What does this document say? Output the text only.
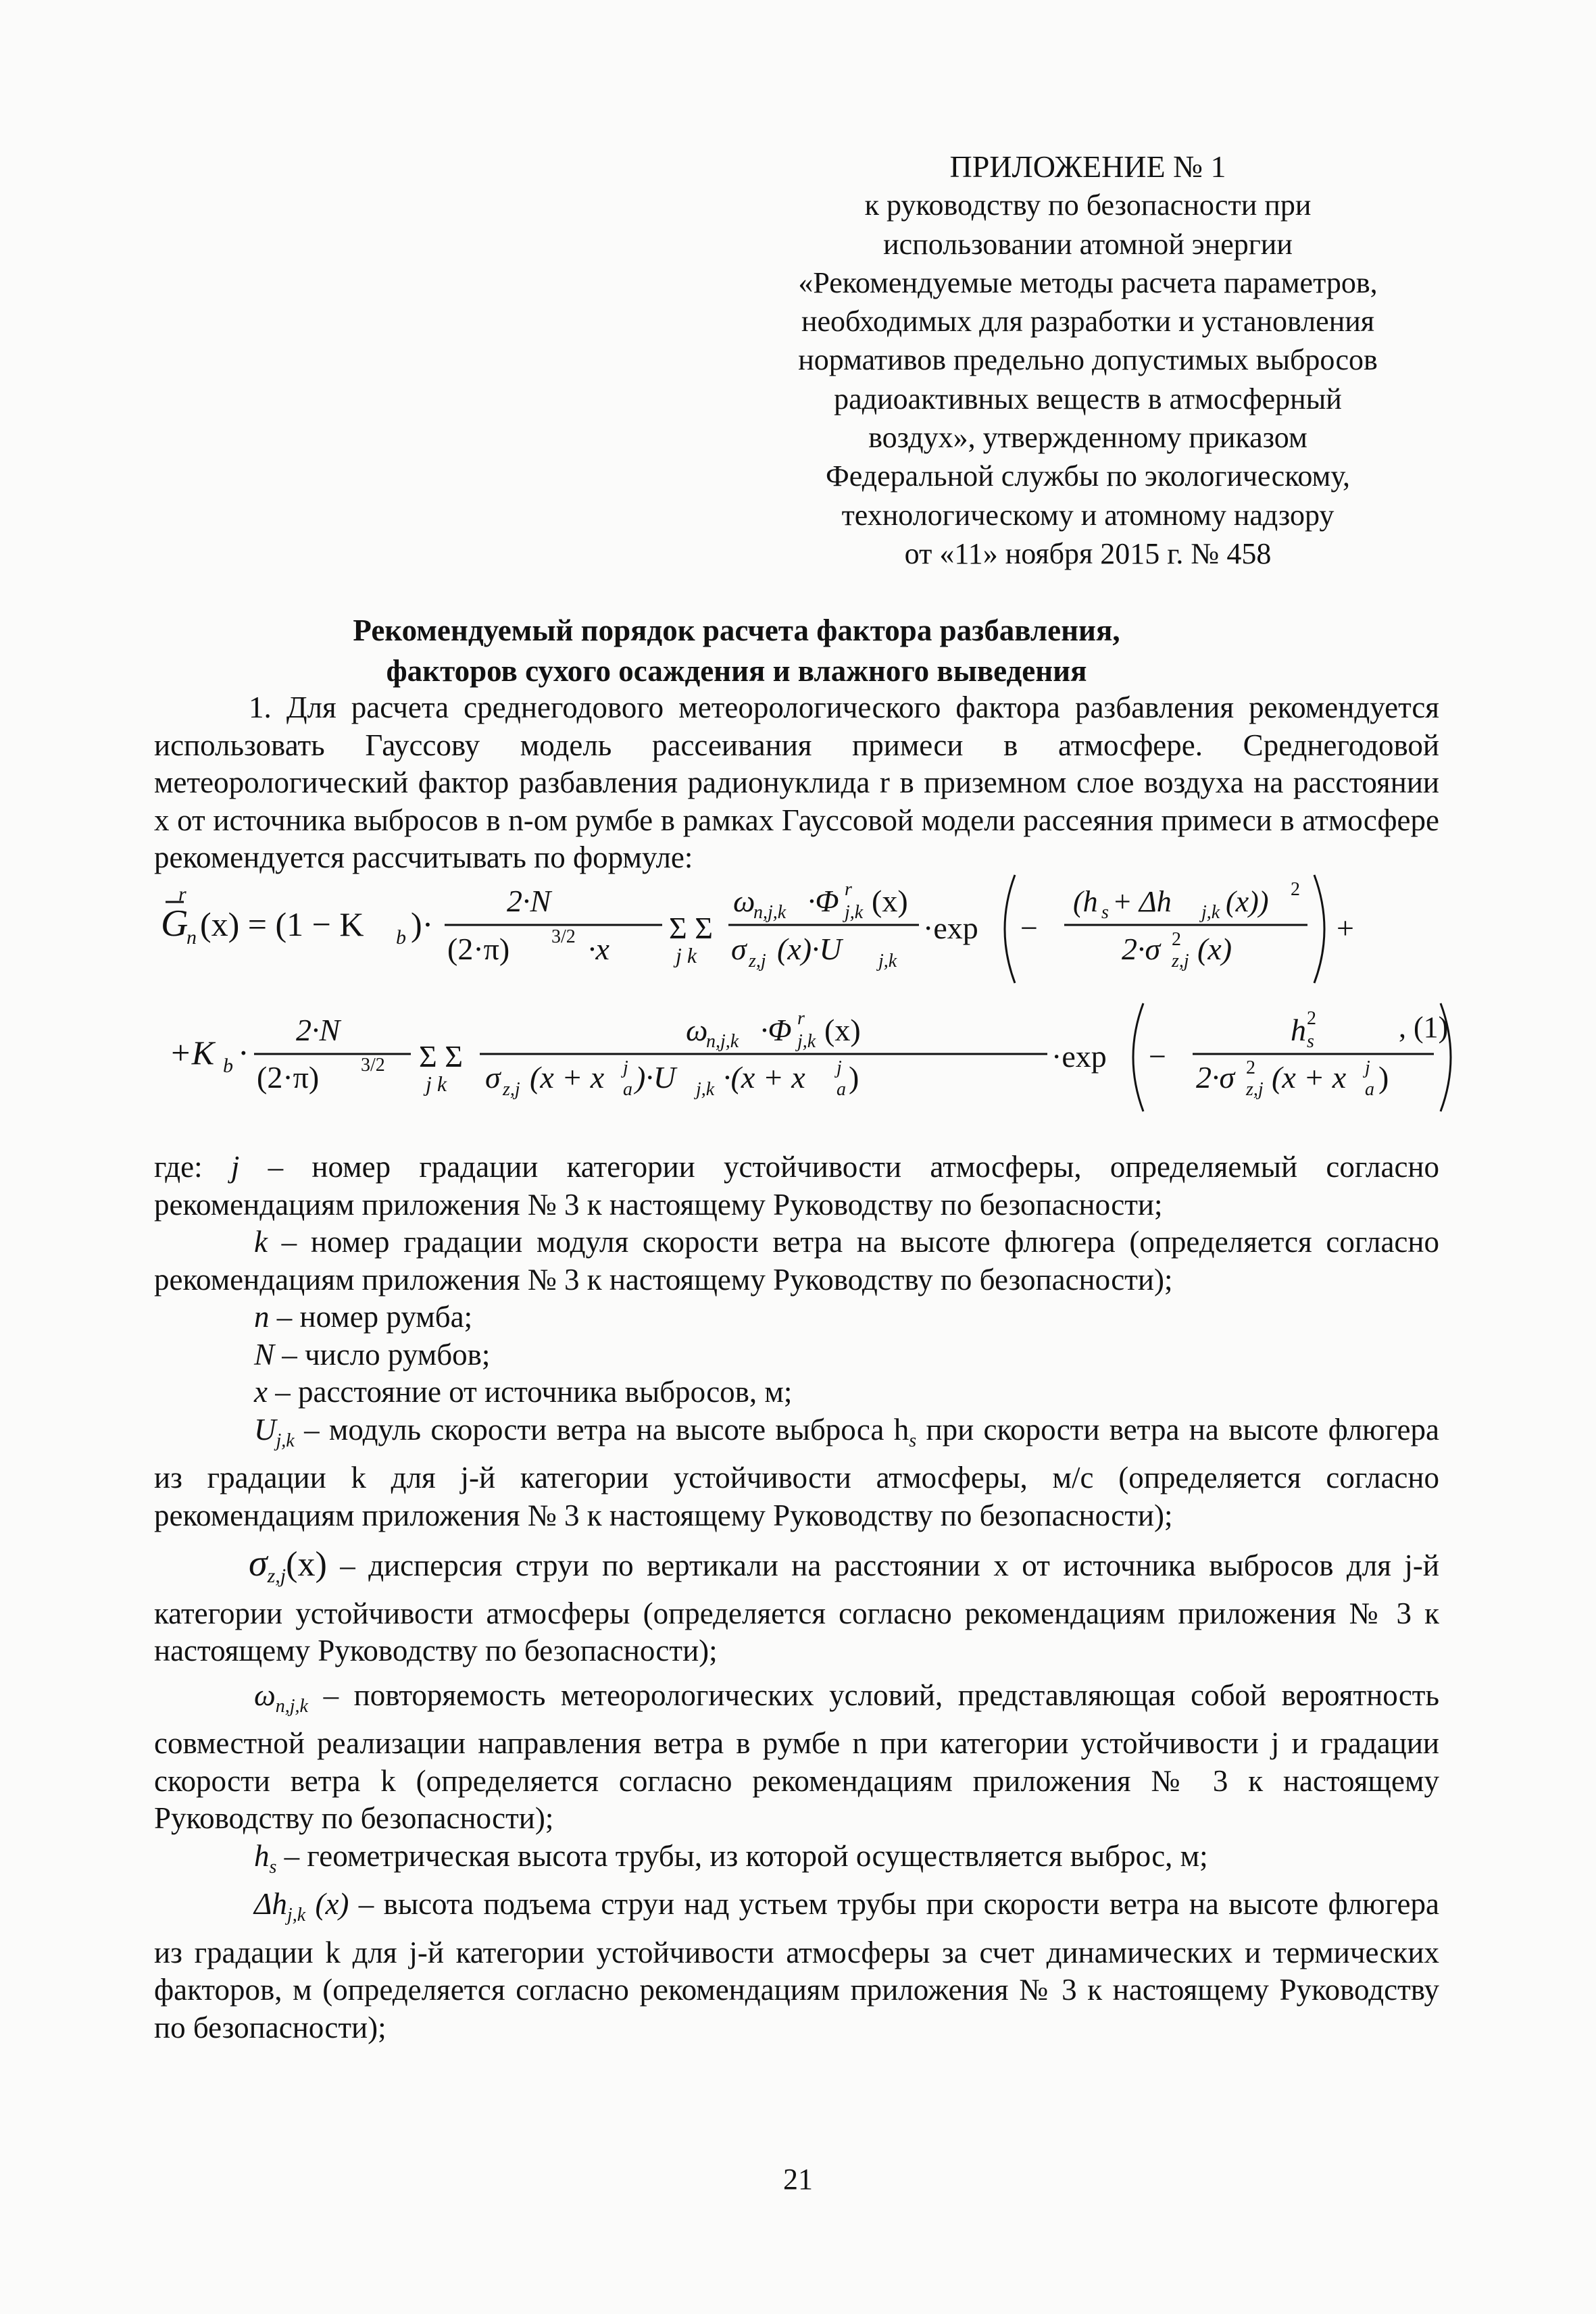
ПРИЛОЖЕНИЕ № 1
к руководству по безопасности при
использовании атомной энергии
«Рекомендуемые методы расчета параметров,
необходимых для разработки и установления
нормативов предельно допустимых выбросов
радиоактивных веществ в атмосферный
воздух», утвержденному приказом
Федеральной службы по экологическому,
технологическому и атомному надзору
от «11» ноября 2015 г. № 458
Рекомендуемый порядок расчета фактора разбавления,
факторов сухого осаждения и влажного выведения

1. Для расчета среднегодового метеорологического фактора разбавления рекомендуется использовать Гауссову модель рассеивания примеси в атмосфере. Среднегодовой метеорологический фактор разбавления радионуклида r в приземном слое воздуха на расстоянии x от источника выбросов в n-ом румбе в рамках Гауссовой модели рассеяния примеси в атмосфере рекомендуется рассчитывать по формуле:

r
G
n (x) = (1 − K b )·
2·N
(2·π) 3/2 ·x
Σ Σ
j k
ω
n,j,k ·Φ r
j,k (x)
σ z,j (x)·U j,k
·exp −
(h s + Δh j,k (x)) 2
2·σ 2
z,j (x)
+
+K b ·
2·N
(2·π) 3/2 Σ Σ
j k
ω
n,j,k ·Φ r
j,k (x)
σ z,j (x + x a
j )·U j,k ·(x + x a
j )
·exp −
h 2
s
2·σ 2
z,j (x + x a
j )
, (1)

где: j – номер градации категории устойчивости атмосферы, определяемый согласно рекомендациям приложения № 3 к настоящему Руководству по безопасности;

k – номер градации модуля скорости ветра на высоте флюгера (определяется согласно рекомендациям приложения № 3 к настоящему Руководству по безопасности);

n – номер румба;

N – число румбов;

x – расстояние от источника выбросов, м;

$U_{j,k}$ – модуль скорости ветра на высоте выброса $h_s$ при скорости ветра на высоте флюгера из градации k для j-й категории устойчивости атмосферы, м/с (определяется согласно рекомендациям приложения № 3 к настоящему Руководству по безопасности);

$\sigma_{z,j}(x)$ – дисперсия струи по вертикали на расстоянии x от источника выбросов для j-й категории устойчивости атмосферы (определяется согласно рекомендациям приложения № 3 к настоящему Руководству по безопасности);

$\omega_{n,j,k}$ – повторяемость метеорологических условий, представляющая собой вероятность совместной реализации направления ветра в румбе n при категории устойчивости j и градации скорости ветра k (определяется согласно рекомендациям приложения № 3 к настоящему Руководству по безопасности);

$h_s$ – геометрическая высота трубы, из которой осуществляется выброс, м;

$\Delta h_{j,k}$ (x) – высота подъема струи над устьем трубы при скорости ветра на высоте флюгера из градации k для j-й категории устойчивости атмосферы за счет динамических и термических факторов, м (определяется согласно рекомендациям приложения № 3 к настоящему Руководству по безопасности);

21
